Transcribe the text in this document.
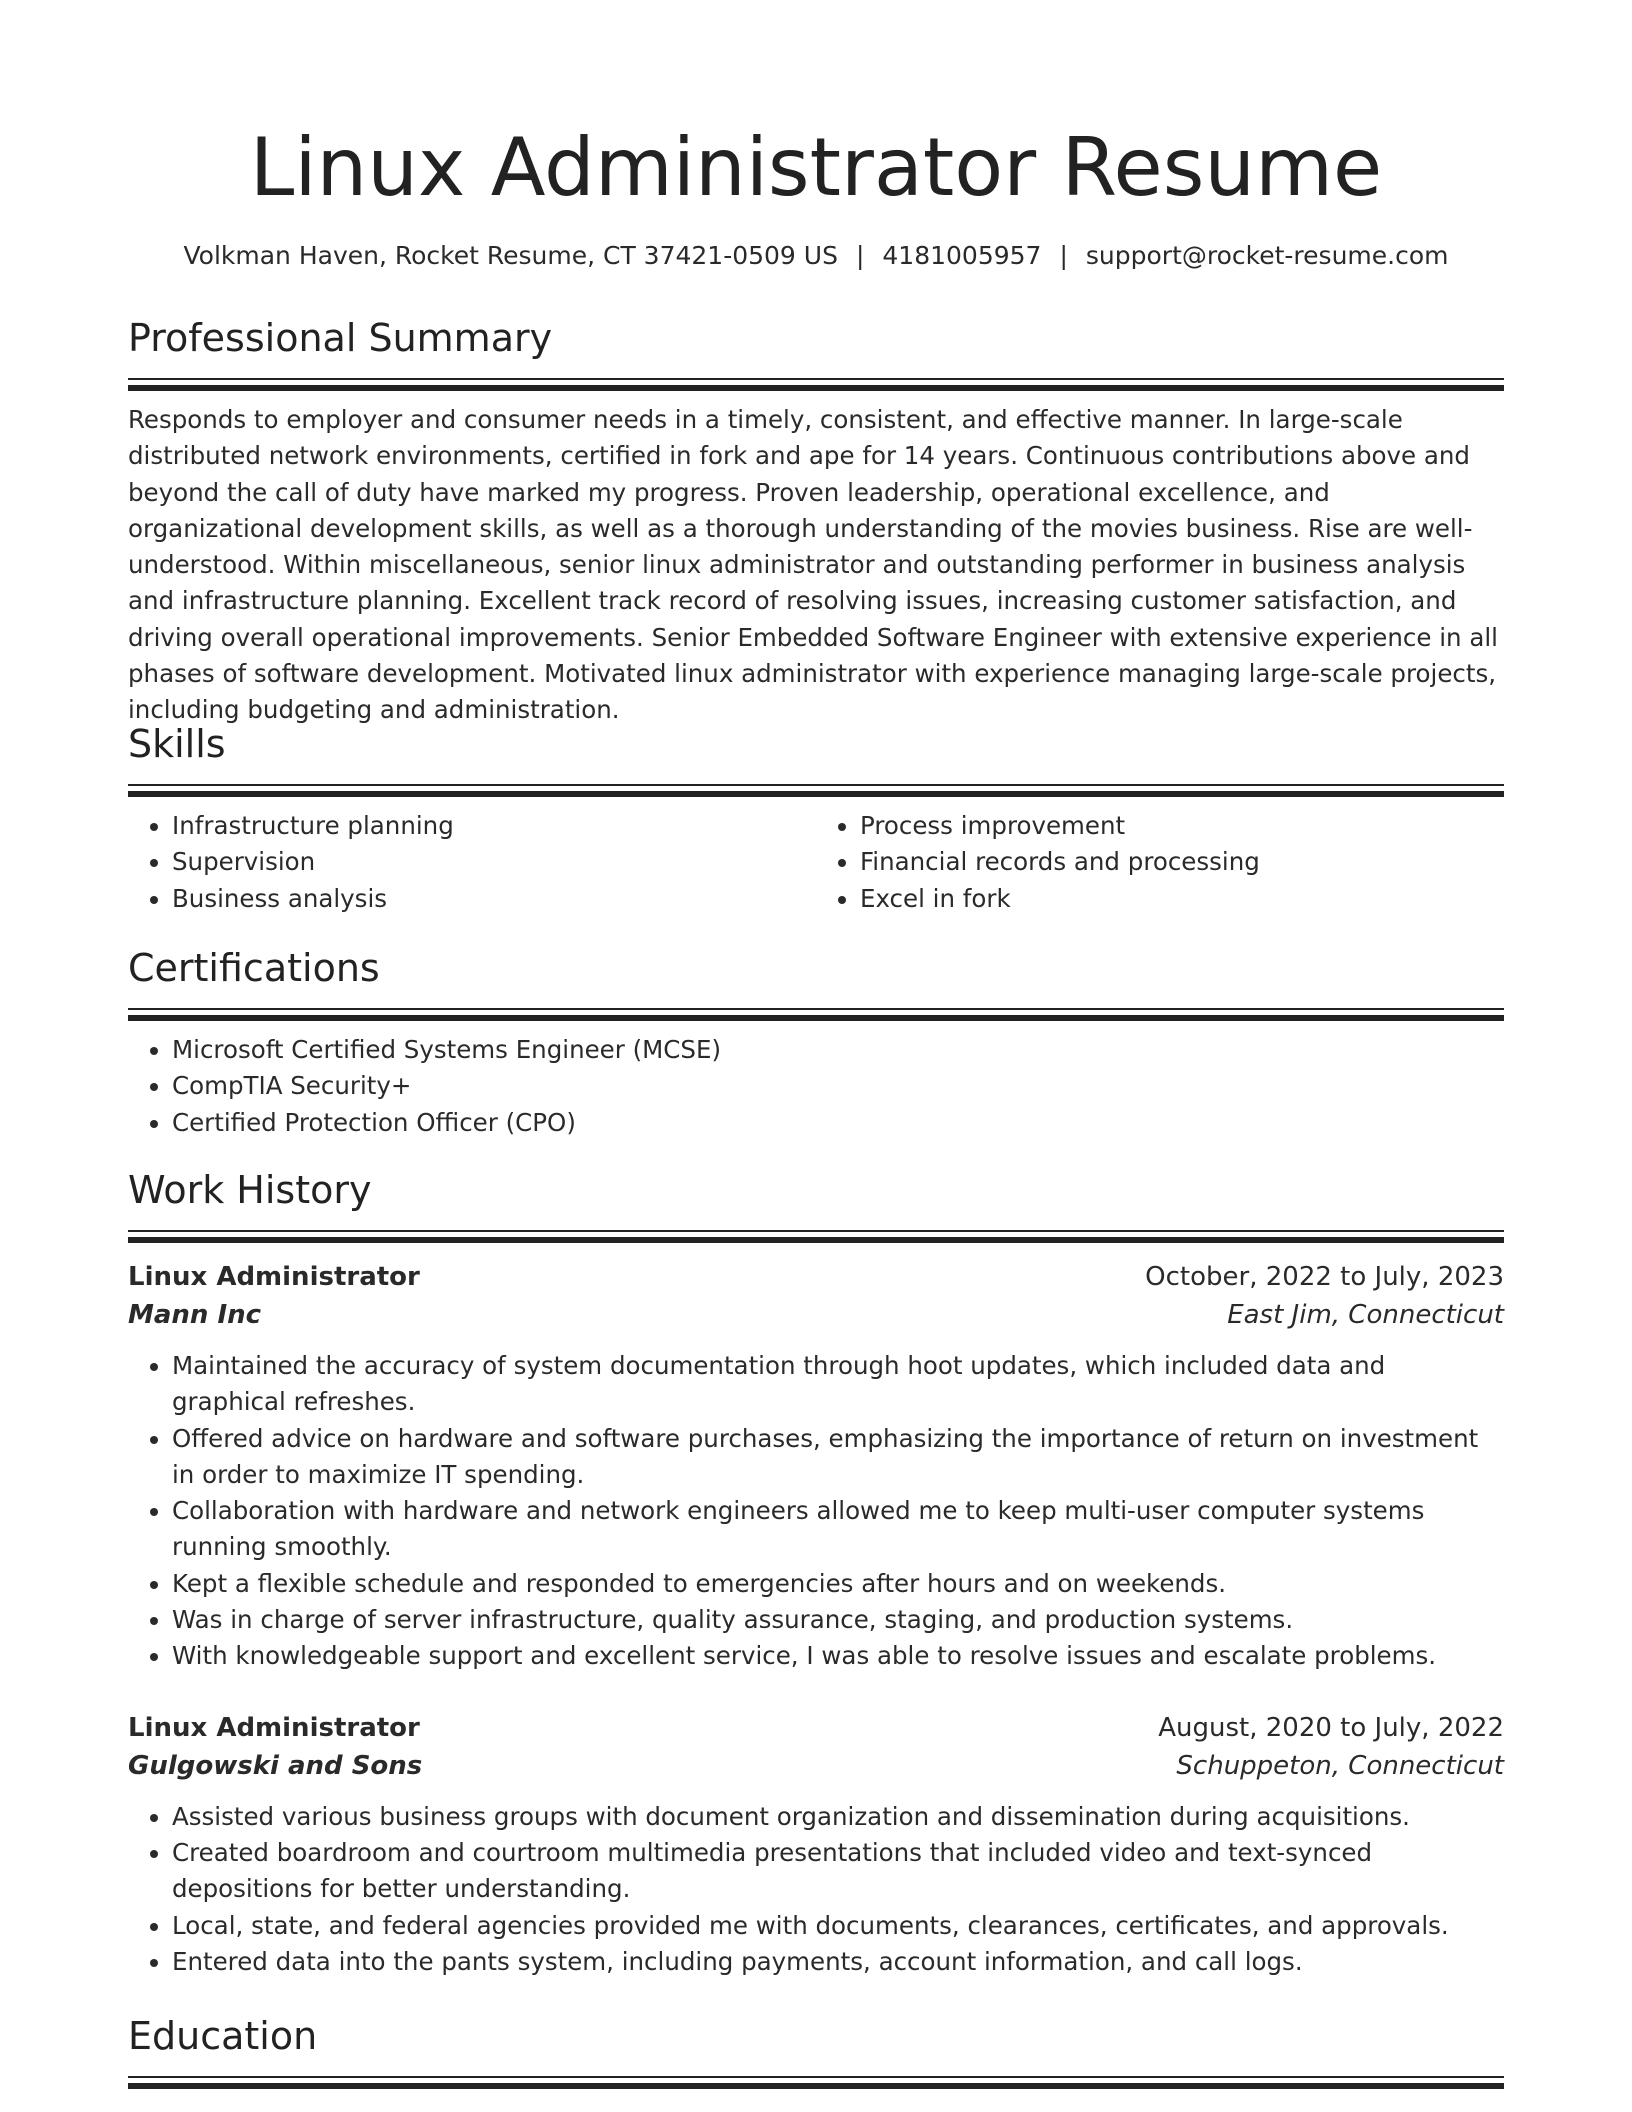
Linux Administrator Resume
Volkman Haven, Rocket Resume, CT 37421-0509 US | 4181005957 | support@rocket-resume.com
Professional Summary

Responds to employer and consumer needs in a timely, consistent, and effective manner. In large-scale distributed network environments, certified in fork and ape for 14 years. Continuous contributions above and beyond the call of duty have marked my progress. Proven leadership, operational excellence, and organizational development skills, as well as a thorough understanding of the movies business. Rise are well-understood. Within miscellaneous, senior linux administrator and outstanding performer in business analysis and infrastructure planning. Excellent track record of resolving issues, increasing customer satisfaction, and driving overall operational improvements. Senior Embedded Software Engineer with extensive experience in all phases of software development. Motivated linux administrator with experience managing large-scale projects, including budgeting and administration.

Skills
• Infrastructure planning
• Supervision
• Business analysis
• Process improvement
• Financial records and processing
• Excel in fork
Certifications
• Microsoft Certified Systems Engineer (MCSE)
• CompTIA Security+
• Certified Protection Officer (CPO)
Work History
Linux Administrator	October, 2022 to July, 2023
Mann Inc	East Jim, Connecticut
• Maintained the accuracy of system documentation through hoot updates, which included data and graphical refreshes.
• Offered advice on hardware and software purchases, emphasizing the importance of return on investment in order to maximize IT spending.
• Collaboration with hardware and network engineers allowed me to keep multi-user computer systems running smoothly.
• Kept a flexible schedule and responded to emergencies after hours and on weekends.
• Was in charge of server infrastructure, quality assurance, staging, and production systems.
• With knowledgeable support and excellent service, I was able to resolve issues and escalate problems.
Linux Administrator	August, 2020 to July, 2022
Gulgowski and Sons	Schuppeton, Connecticut
• Assisted various business groups with document organization and dissemination during acquisitions.
• Created boardroom and courtroom multimedia presentations that included video and text-synced depositions for better understanding.
• Local, state, and federal agencies provided me with documents, clearances, certificates, and approvals.
• Entered data into the pants system, including payments, account information, and call logs.
Education
